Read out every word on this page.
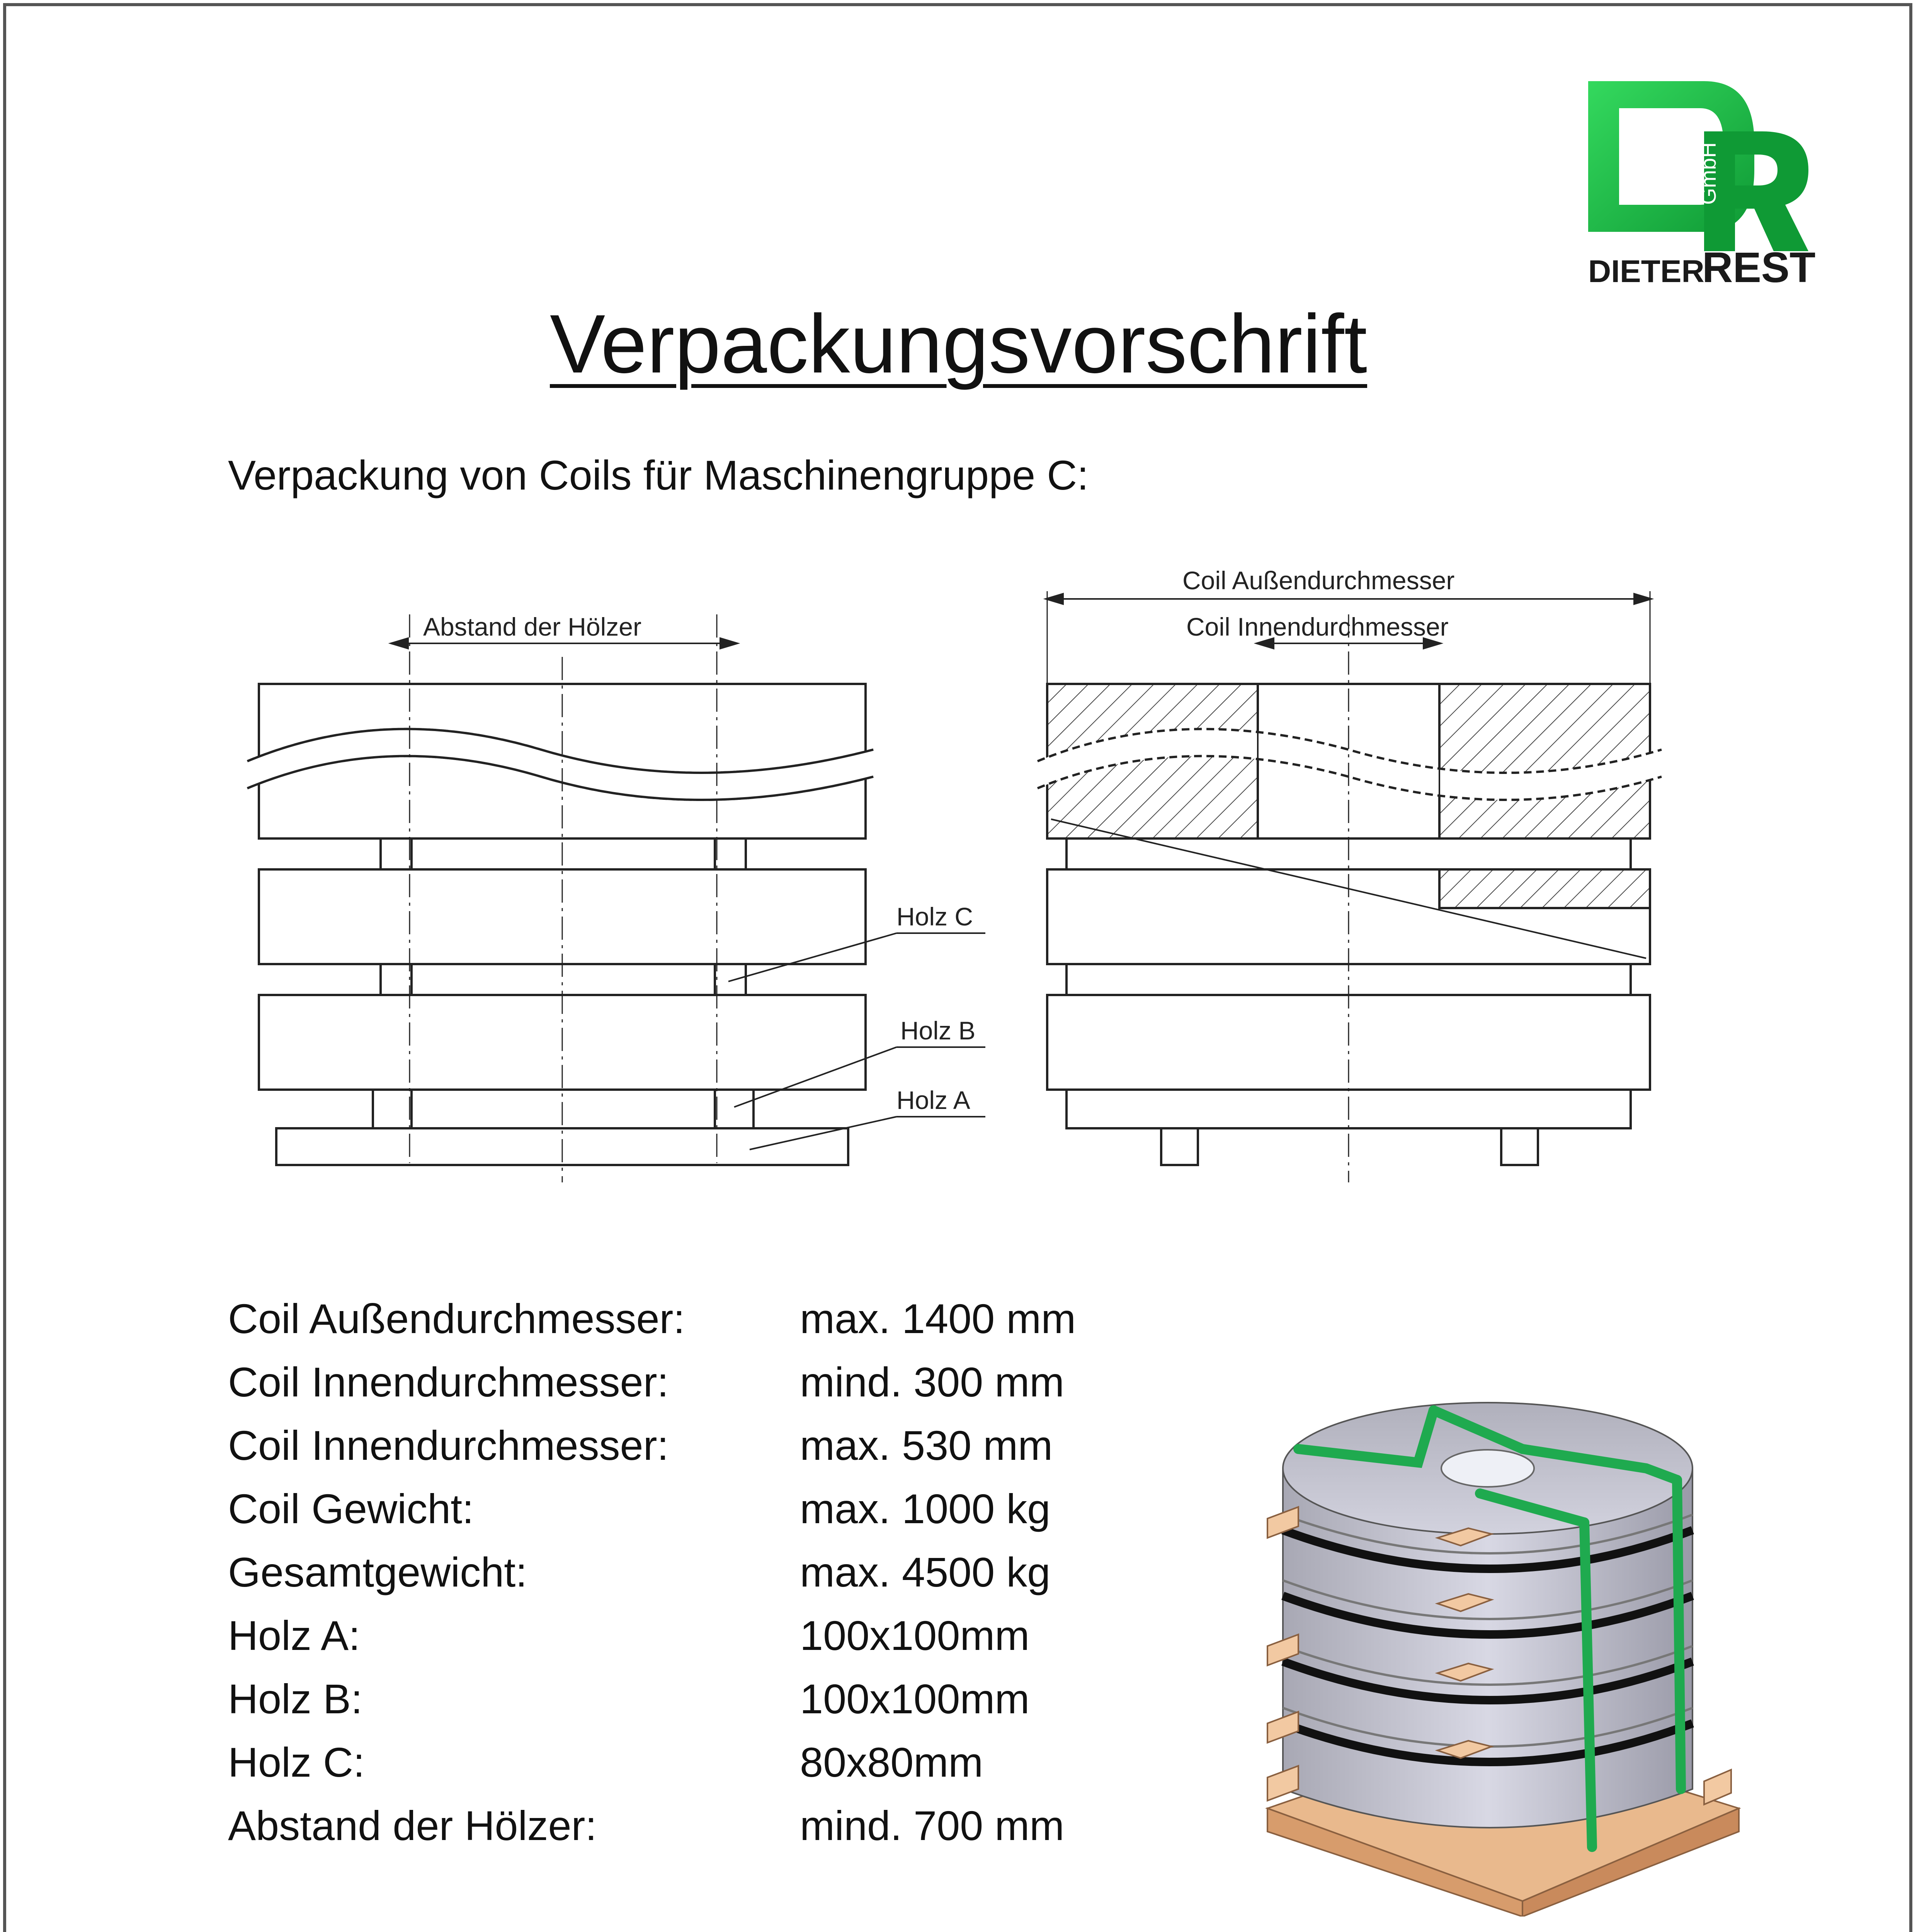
GmbH
DIETER
REST
Verpackungsvorschrift
Verpackung von Coils für Maschinengruppe C:
Abstand der Hölzer
Coil Außendurchmesser
Coil Innendurchmesser
Holz C
Holz B
Holz A
Coil Außendurchmesser:	max. 1400 mm
Coil Innendurchmesser:	mind. 300 mm
Coil Innendurchmesser:	max. 530 mm
Coil Gewicht:	max. 1000 kg
Gesamtgewicht:	max. 4500 kg
Holz A:	100x100mm
Holz B:	100x100mm
Holz C:	80x80mm
Abstand der Hölzer:	mind. 700 mm
